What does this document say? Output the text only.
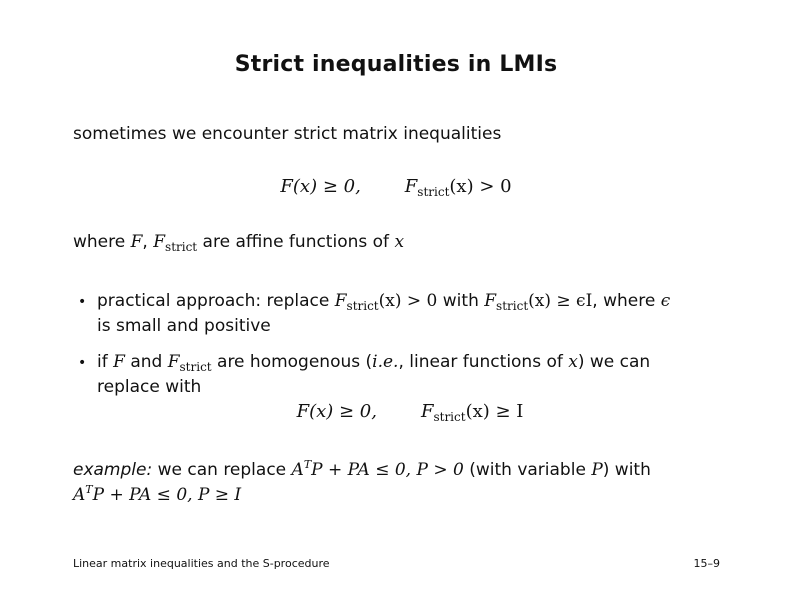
Strict inequalities in LMIs
sometimes we encounter strict matrix inequalities
F(x) ≥ 0, $F_{strict}(x) > 0$
where F, $F_{strict}$ are affine functions of x
• practical approach: replace $F_{strict}(x) > 0$ with $F_{strict}(x) \ge \epsilon I$, where ϵ
is small and positive
• if F and $F_{strict}$ are homogenous (i.e., linear functions of x) we can
replace with
F(x) ≥ 0, $F_{strict}(x) \ge I$
example: we can replace $A^TP$ + PA ≤ 0, P > 0 (with variable P) with
$A^TP$ + PA ≤ 0, P ≥ I
Linear matrix inequalities and the S-procedure	15–9
